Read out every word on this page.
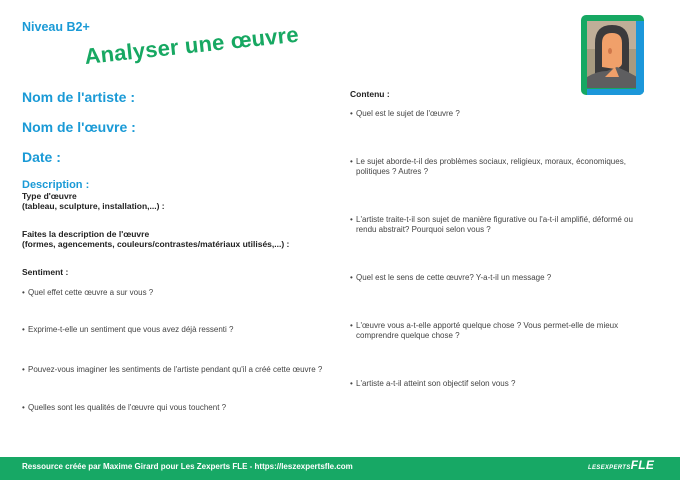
Niveau B2+
Analyser une œuvre
Nom de l'artiste :
Nom de l'œuvre :
Date :
Description :
Type d'œuvre
(tableau, sculpture, installation,...) :
Faites la description de l'œuvre
(formes, agencements, couleurs/contrastes/matériaux utilisés,...) :
Sentiment :
• Quel effet cette œuvre a sur vous ?
• Exprime-t-elle un sentiment que vous avez déjà ressenti ?
• Pouvez-vous imaginer les sentiments de l'artiste pendant qu'il a créé cette œuvre ?
• Quelles sont les qualités de l'œuvre qui vous touchent ?
Contenu :
• Quel est le sujet de l'œuvre ?
• Le sujet aborde-t-il des problèmes sociaux, religieux, moraux, économiques,
politiques ? Autres ?
• L'artiste traite-t-il son sujet de manière figurative ou l'a-t-il amplifié, déformé ou
rendu abstrait? Pourquoi selon vous ?
• Quel est le sens de cette œuvre? Y-a-t-il un message ?
• L'œuvre vous a-t-elle apporté quelque chose ? Vous permet-elle de mieux
comprendre quelque chose ?
• L'artiste a-t-il atteint son objectif selon vous ?
Ressource créée par Maxime Girard pour Les Zexperts FLE - https://leszexpertsfle.com	LESEXPERTSFLE
